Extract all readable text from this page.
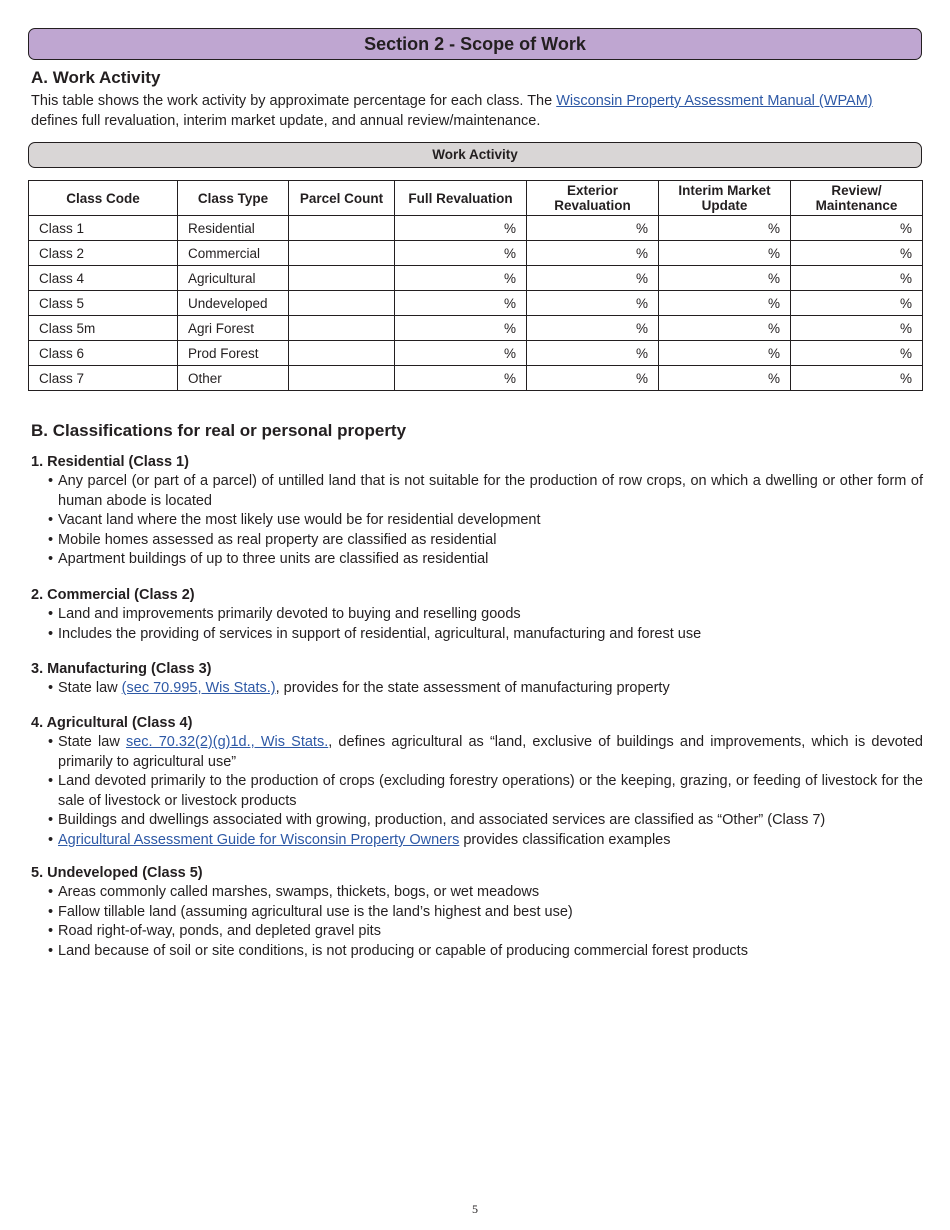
Section 2 - Scope of Work
A. Work Activity
This table shows the work activity by approximate percentage for each class. The Wisconsin Property Assessment Manual (WPAM) defines full revaluation, interim market update, and annual review/maintenance.
Work Activity
Class Code	Class Type	Parcel Count	Full Revaluation	Exterior Revaluation	Interim Market Update	Review/ Maintenance
Class 1	Residential		%	%	%	%
Class 2	Commercial		%	%	%	%
Class 4	Agricultural		%	%	%	%
Class 5	Undeveloped		%	%	%	%
Class 5m	Agri Forest		%	%	%	%
Class 6	Prod Forest		%	%	%	%
Class 7	Other		%	%	%	%
B. Classifications for real or personal property
1. Residential (Class 1)
• Any parcel (or part of a parcel) of untilled land that is not suitable for the production of row crops, on which a dwelling or other form of human abode is located
• Vacant land where the most likely use would be for residential development
• Mobile homes assessed as real property are classified as residential
• Apartment buildings of up to three units are classified as residential
2. Commercial (Class 2)
• Land and improvements primarily devoted to buying and reselling goods
• Includes the providing of services in support of residential, agricultural, manufacturing and forest use
3. Manufacturing (Class 3)
• State law (sec 70.995, Wis Stats.), provides for the state assessment of manufacturing property
4. Agricultural (Class 4)
• State law sec. 70.32(2)(g)1d., Wis Stats., defines agricultural as “land, exclusive of buildings and improvements, which is devoted primarily to agricultural use”
• Land devoted primarily to the production of crops (excluding forestry operations) or the keeping, grazing, or feeding of livestock for the sale of livestock or livestock products
• Buildings and dwellings associated with growing, production, and associated services are classified as “Other” (Class 7)
• Agricultural Assessment Guide for Wisconsin Property Owners provides classification examples
5. Undeveloped (Class 5)
• Areas commonly called marshes, swamps, thickets, bogs, or wet meadows
• Fallow tillable land (assuming agricultural use is the land’s highest and best use)
• Road right-of-way, ponds, and depleted gravel pits
• Land because of soil or site conditions, is not producing or capable of producing commercial forest products
5
